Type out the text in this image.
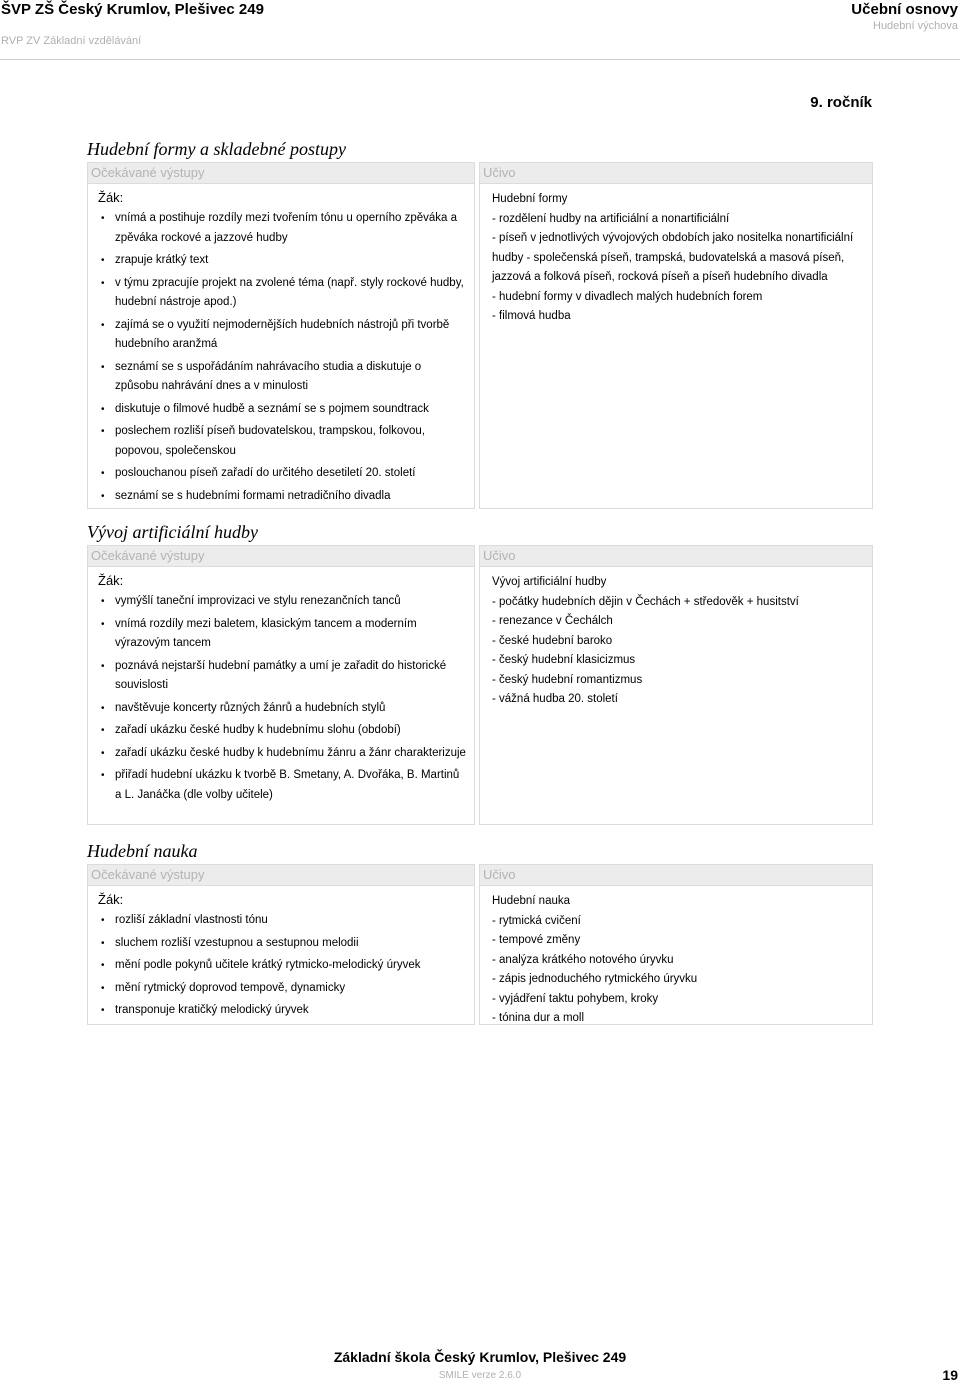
ŠVP ZŠ Český Krumlov, Plešivec 249
RVP ZV Základní vzdělávání
Učební osnovy
Hudební výchova
9. ročník
Hudební formy a skladebné postupy
Očekávané výstupy
Žák:
• vnímá a postihuje rozdíly mezi tvořením tónu u operního zpěváka a zpěváka rockové a jazzové hudby
• zrapuje krátký text
• v týmu zpracujíe projekt na zvolené téma (např. styly rockové hudby, hudební nástroje apod.)
• zajímá se o využití nejmodernějších hudebních nástrojů při tvorbě hudebního aranžmá
• seznámí se s uspořádáním nahrávacího studia a diskutuje o způsobu nahrávání dnes a v minulosti
• diskutuje o filmové hudbě a seznámí se s pojmem soundtrack
• poslechem rozliší píseň budovatelskou, trampskou, folkovou, popovou, společenskou
• poslouchanou píseň zařadí do určitého desetiletí 20. století
• seznámí se s hudebními formami netradičního divadla
Učivo
Hudební formy
- rozdělení hudby na artificiální a nonartificiální
- píseň v jednotlivých vývojových obdobích jako nositelka nonartificiální hudby - společenská píseň, trampská, budovatelská a masová píseň, jazzová a folková píseň, rocková píseň a píseň hudebního divadla
- hudební formy v divadlech malých hudebních forem
- filmová hudba
Vývoj artificiální hudby
Očekávané výstupy
Žák:
• vymýšlí taneční improvizaci ve stylu renezančních tanců
• vnímá rozdíly mezi baletem, klasickým tancem a moderním výrazovým tancem
• poznává nejstarší hudební památky a umí je zařadit do historické souvislosti
• navštěvuje koncerty různých žánrů a hudebních stylů
• zařadí ukázku české hudby k hudebnímu slohu (období)
• zařadí ukázku české hudby k hudebnímu žánru a žánr charakterizuje
• přiřadí hudební ukázku k tvorbě B. Smetany, A. Dvořáka, B. Martinů a L. Janáčka (dle volby učitele)
Učivo
Vývoj artificiální hudby
- počátky hudebních dějin v Čechách + středověk + husitství
- renezance v Čechálch
- české hudební baroko
- český hudební klasicizmus
- český hudební romantizmus
- vážná hudba 20. století
Hudební nauka
Očekávané výstupy
Žák:
• rozliší základní vlastnosti tónu
• sluchem rozliší vzestupnou a sestupnou melodii
• mění podle pokynů učitele krátký rytmicko-melodický úryvek
• mění rytmický doprovod tempově, dynamicky
• transponuje kratičký melodický úryvek
Učivo
Hudební nauka
- rytmická cvičení
- tempové změny
- analýza krátkého notového úryvku
- zápis jednoduchého rytmického úryvku
- vyjádření taktu pohybem, kroky
- tónina dur a moll
Základní škola Český Krumlov, Plešivec 249
SMILE verze 2.6.0	19
